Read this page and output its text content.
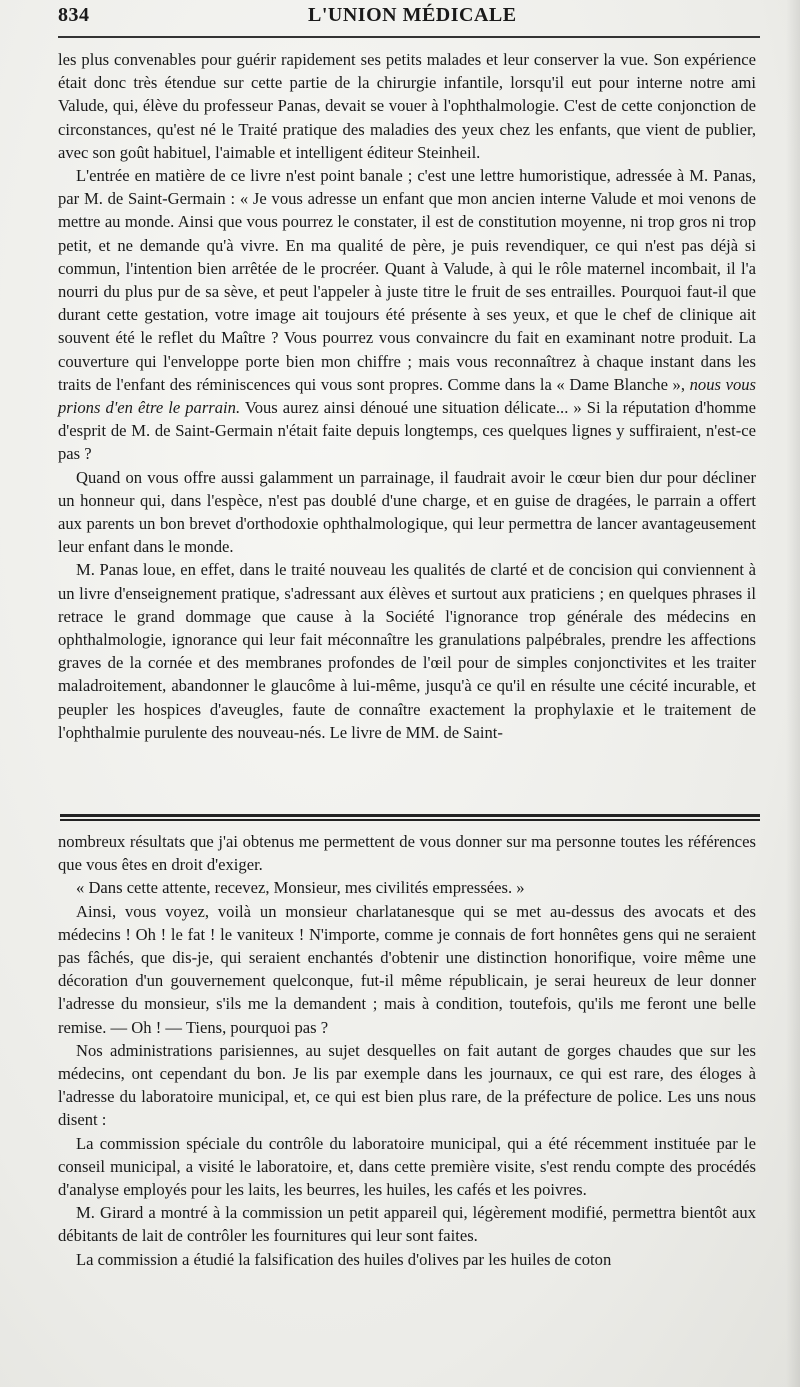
834	L'UNION MÉDICALE

les plus convenables pour guérir rapidement ses petits malades et leur conserver la vue. Son expérience était donc très étendue sur cette partie de la chirurgie infantile, lorsqu'il eut pour interne notre ami Valude, qui, élève du professeur Panas, devait se vouer à l'ophthalmologie. C'est de cette conjonction de circonstances, qu'est né le Traité pratique des maladies des yeux chez les enfants, que vient de publier, avec son goût habituel, l'aimable et intelligent éditeur Steinheil.

L'entrée en matière de ce livre n'est point banale ; c'est une lettre humoristique, adressée à M. Panas, par M. de Saint-Germain : « Je vous adresse un enfant que mon ancien interne Valude et moi venons de mettre au monde. Ainsi que vous pourrez le constater, il est de constitution moyenne, ni trop gros ni trop petit, et ne demande qu'à vivre. En ma qualité de père, je puis revendiquer, ce qui n'est pas déjà si commun, l'intention bien arrêtée de le procréer. Quant à Valude, à qui le rôle maternel incombait, il l'a nourri du plus pur de sa sève, et peut l'appeler à juste titre le fruit de ses entrailles. Pourquoi faut-il que durant cette gestation, votre image ait toujours été présente à ses yeux, et que le chef de clinique ait souvent été le reflet du Maître ? Vous pourrez vous convaincre du fait en examinant notre produit. La couverture qui l'enveloppe porte bien mon chiffre ; mais vous reconnaîtrez à chaque instant dans les traits de l'enfant des réminiscences qui vous sont propres. Comme dans la « Dame Blanche », nous vous prions d'en être le parrain. Vous aurez ainsi dénoué une situation délicate... » Si la réputation d'homme d'esprit de M. de Saint-Germain n'était faite depuis longtemps, ces quelques lignes y suffiraient, n'est-ce pas ?

Quand on vous offre aussi galamment un parrainage, il faudrait avoir le cœur bien dur pour décliner un honneur qui, dans l'espèce, n'est pas doublé d'une charge, et en guise de dragées, le parrain a offert aux parents un bon brevet d'orthodoxie ophthalmologique, qui leur permettra de lancer avantageusement leur enfant dans le monde.

M. Panas loue, en effet, dans le traité nouveau les qualités de clarté et de concision qui conviennent à un livre d'enseignement pratique, s'adressant aux élèves et surtout aux praticiens ; en quelques phrases il retrace le grand dommage que cause à la Société l'ignorance trop générale des médecins en ophthalmologie, ignorance qui leur fait méconnaître les granulations palpébrales, prendre les affections graves de la cornée et des membranes profondes de l'œil pour de simples conjonctivites et les traiter maladroitement, abandonner le glaucôme à lui-même, jusqu'à ce qu'il en résulte une cécité incurable, et peupler les hospices d'aveugles, faute de connaître exactement la prophylaxie et le traitement de l'ophthalmie purulente des nouveau-nés. Le livre de MM. de Saint-

nombreux résultats que j'ai obtenus me permettent de vous donner sur ma personne toutes les références que vous êtes en droit d'exiger.

« Dans cette attente, recevez, Monsieur, mes civilités empressées. »

Ainsi, vous voyez, voilà un monsieur charlatanesque qui se met au-dessus des avocats et des médecins ! Oh ! le fat ! le vaniteux ! N'importe, comme je connais de fort honnêtes gens qui ne seraient pas fâchés, que dis-je, qui seraient enchantés d'obtenir une distinction honorifique, voire même une décoration d'un gouvernement quelconque, fut-il même républicain, je serai heureux de leur donner l'adresse du monsieur, s'ils me la demandent ; mais à condition, toutefois, qu'ils me feront une belle remise. — Oh ! — Tiens, pourquoi pas ?

Nos administrations parisiennes, au sujet desquelles on fait autant de gorges chaudes que sur les médecins, ont cependant du bon. Je lis par exemple dans les journaux, ce qui est rare, des éloges à l'adresse du laboratoire municipal, et, ce qui est bien plus rare, de la préfecture de police. Les uns nous disent :

La commission spéciale du contrôle du laboratoire municipal, qui a été récemment instituée par le conseil municipal, a visité le laboratoire, et, dans cette première visite, s'est rendu compte des procédés d'analyse employés pour les laits, les beurres, les huiles, les cafés et les poivres.

M. Girard a montré à la commission un petit appareil qui, légèrement modifié, permettra bientôt aux débitants de lait de contrôler les fournitures qui leur sont faites.

La commission a étudié la falsification des huiles d'olives par les huiles de coton
